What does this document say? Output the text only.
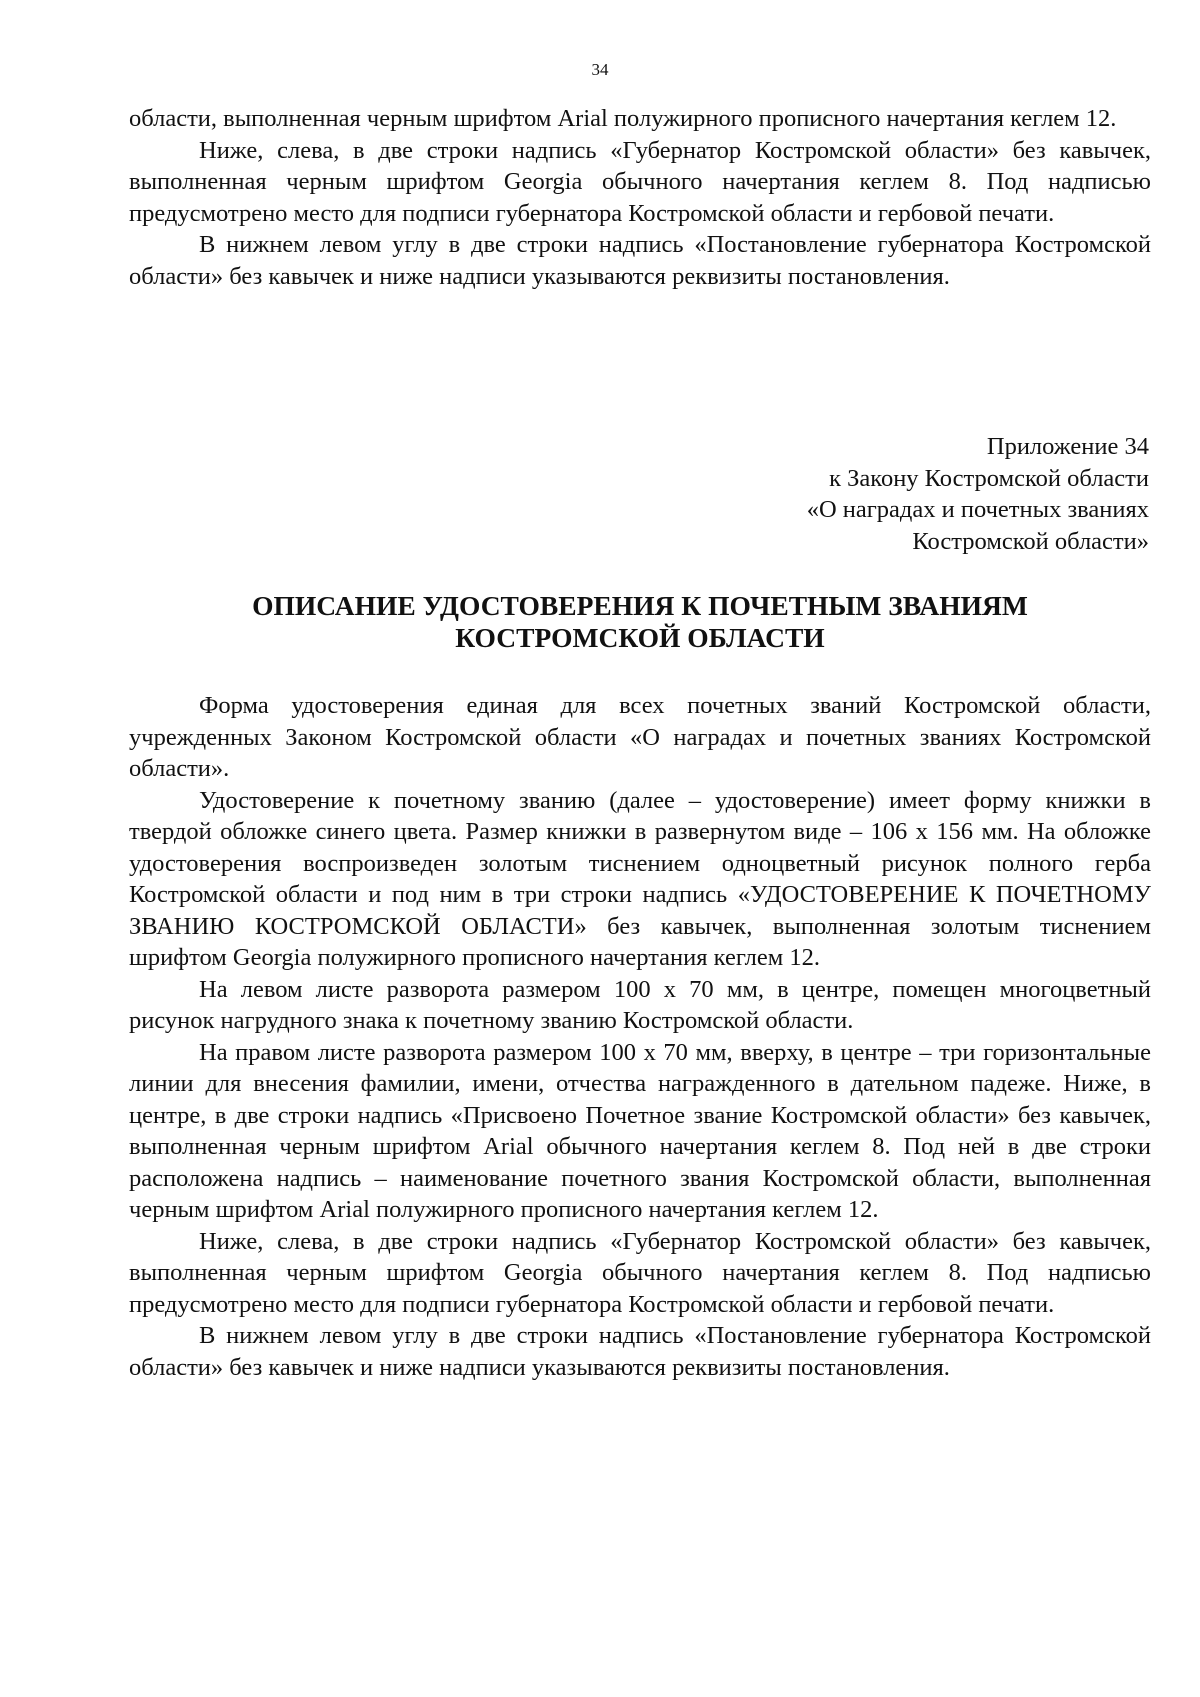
34

области, выполненная черным шрифтом Arial полужирного прописного начертания кеглем 12.

Ниже, слева, в две строки надпись «Губернатор Костромской области» без кавычек, выполненная черным шрифтом Georgia обычного начертания кеглем 8. Под надписью предусмотрено место для подписи губернатора Костромской области и гербовой печати.

В нижнем левом углу в две строки надпись «Постановление губернатора Костромской области» без кавычек и ниже надписи указываются реквизиты постановления.

Приложение 34
к Закону Костромской области
«О наградах и почетных званиях
Костромской области»
ОПИСАНИЕ УДОСТОВЕРЕНИЯ К ПОЧЕТНЫМ ЗВАНИЯМ
КОСТРОМСКОЙ ОБЛАСТИ

Форма удостоверения единая для всех почетных званий Костромской области, учрежденных Законом Костромской области «О наградах и почетных званиях Костромской области».

Удостоверение к почетному званию (далее – удостоверение) имеет форму книжки в твердой обложке синего цвета. Размер книжки в развернутом виде – 106 x 156 мм. На обложке удостоверения воспроизведен золотым тиснением одноцветный рисунок полного герба Костромской области и под ним в три строки надпись «УДОСТОВЕРЕНИЕ К ПОЧЕТНОМУ ЗВАНИЮ КОСТРОМСКОЙ ОБЛАСТИ» без кавычек, выполненная золотым тиснением шрифтом Georgia полужирного прописного начертания кеглем 12.

На левом листе разворота размером 100 x 70 мм, в центре, помещен многоцветный рисунок нагрудного знака к почетному званию Костромской области.

На правом листе разворота размером 100 x 70 мм, вверху, в центре – три горизонтальные линии для внесения фамилии, имени, отчества награжденного в дательном падеже. Ниже, в центре, в две строки надпись «Присвоено Почетное звание Костромской области» без кавычек, выполненная черным шрифтом Arial обычного начертания кеглем 8. Под ней в две строки расположена надпись – наименование почетного звания Костромской области, выполненная черным шрифтом Arial полужирного прописного начертания кеглем 12.

Ниже, слева, в две строки надпись «Губернатор Костромской области» без кавычек, выполненная черным шрифтом Georgia обычного начертания кеглем 8. Под надписью предусмотрено место для подписи губернатора Костромской области и гербовой печати.

В нижнем левом углу в две строки надпись «Постановление губернатора Костромской области» без кавычек и ниже надписи указываются реквизиты постановления.
